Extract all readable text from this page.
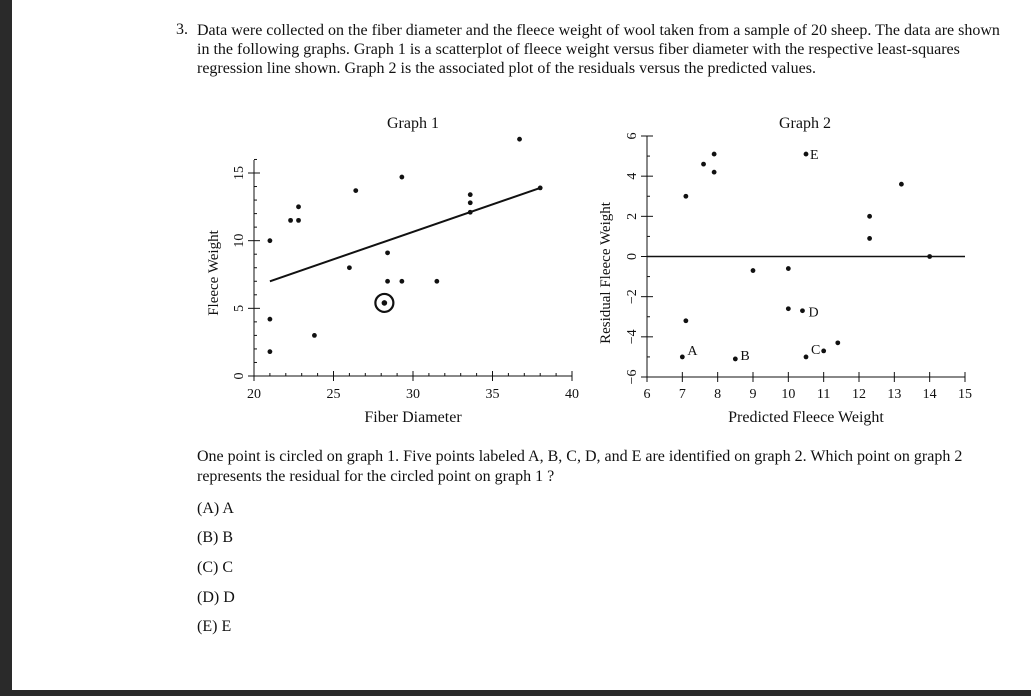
3. Data were collected on the fiber diameter and the fleece weight of wool taken from a sample of 20 sheep. The data are shown in the following graphs. Graph 1 is a scatterplot of fleece weight versus fiber diameter with the respective least-squares regression line shown. Graph 2 is the associated plot of the residuals versus the predicted values.

Graph 1
Fleece Weight
Fiber Diameter
0
5
10
15
20	25	30	35	40
Graph 2
Residual Fleece Weight
Predicted Fleece Weight
−6
−4
−2
0
2
4
6
6 7 8 9 10 11 12 13 14 15
A	B	C
D
E

One point is circled on graph 1. Five points labeled A, B, C, D, and E are identified on graph 2. Which point on graph 2 represents the residual for the circled point on graph 1 ?

(A) A
(B) B
(C) C
(D) D
(E) E
